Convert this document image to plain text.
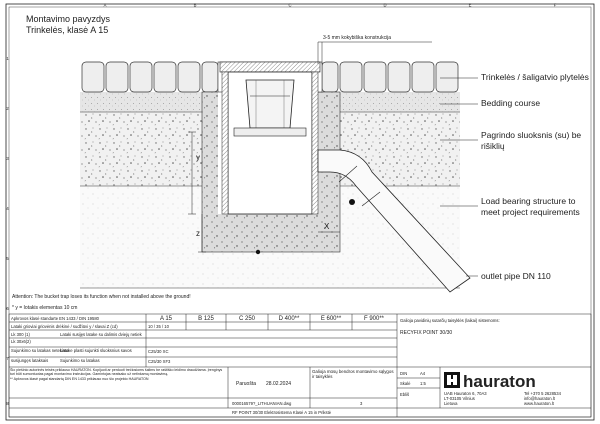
A	B	C	D	E	F
1
2
3
4
5
6
7
8
Montavimo pavyzdys
Trinkelės, klasė A 15
3-5 mm kokybiška konstrukcija
y
z
X
Trinkelės / šaligatvio plytelės
Bedding course
Pagrindo sluoksnis (su) be
rišiklių
Load bearing structure to
meet project requirements
outlet pipe DN 110
Attention: The bucket trap loses its function when not installed above the ground!
* y = Iotakis elementas 10 cm
Apkrovos klasė standarte EN 1433 / DIN 19580	A 15	B 125	C 250	D 400**	E 600**	F 900**
Lataki grioviai griovėnis drėkinė / sudžiūvi y / slavai Z (cd)	10 / 35 / 10
Lk 300 (1)	Lataki susijęs latake su dalimis dviejų netiek
Lk 30x6(2)
Sujunkimo su latakas netekimo
Latake plasti sujunkti sluoksnius savos	C25/30 XC
susijungęs lataksais	Sujunkimo su latakas	C25/30 XF3
Šio piešinio autorinės teisės priklauso HAURATON. Kopijuoti ar perduoti trečiosioms šalims be raštiško leidimo draudžiama. Įrenginys turi būti sumontuotas pagal montavimo instrukcijas. Gamintojas neatsako už netinkamą montavimą.
** Apkrovos klasė pagal standartą DIN EN 1433 priklauso nuo šio projekto HAURATON
Paruošta 28.02.2024
Galioja mūsų bendros montavimo sąlygos ir taisyklės
000016579?_LITHUANIAN.dwg	3
RF POINT 30/30 Elektrosistema Klasė A 15 in Prikstė
Galioja pavidinių sutarčių taisyklės (laikai) sistemoms:
RECYFIX POINT 30/30
DIN	A4
Skalė 1:5
Ebliš
hauraton
UAB Hauraton 6, 70A3
LT-03105 Vilnius
Lietuva
Tel +370 5 2628534
info@hauraton.lt
www.hauraton.lt
